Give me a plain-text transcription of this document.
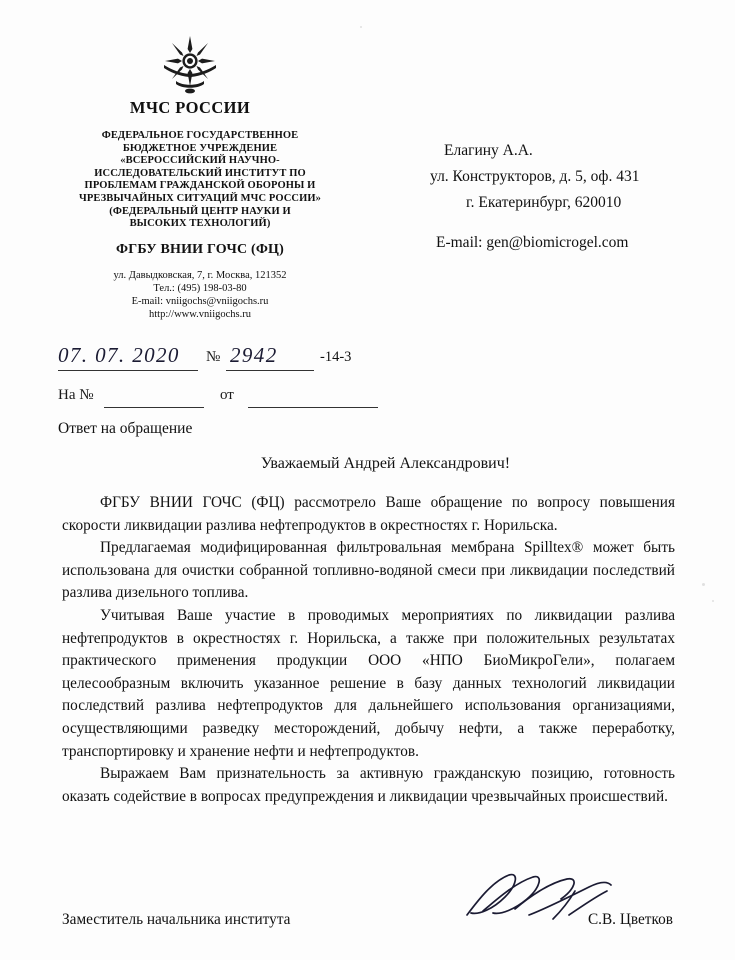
МЧС РОССИИ
ФЕДЕРАЛЬНОЕ ГОСУДАРСТВЕННОЕ
БЮДЖЕТНОЕ УЧРЕЖДЕНИЕ
«ВСЕРОССИЙСКИЙ НАУЧНО-
ИССЛЕДОВАТЕЛЬСКИЙ ИНСТИТУТ ПО
ПРОБЛЕМАМ ГРАЖДАНСКОЙ ОБОРОНЫ И
ЧРЕЗВЫЧАЙНЫХ СИТУАЦИЙ МЧС РОССИИ»
(ФЕДЕРАЛЬНЫЙ ЦЕНТР НАУКИ И
ВЫСОКИХ ТЕХНОЛОГИЙ)
ФГБУ ВНИИ ГОЧС (ФЦ)
ул. Давыдковская, 7, г. Москва, 121352
Тел.: (495) 198-03-80
E-mail: vniigochs@vniigochs.ru
http://www.vniigochs.ru
Елагину А.А.
ул. Конструкторов, д. 5, оф. 431
г. Екатеринбург, 620010
E-mail: gen@biomicrogel.com
07. 07. 2020 № 2942	-14-3
На №	от
Ответ на обращение
Уважаемый Андрей Александрович!

ФГБУ ВНИИ ГОЧС (ФЦ) рассмотрело Ваше обращение по вопросу повышения скорости ликвидации разлива нефтепродуктов в окрестностях г. Норильска.

Предлагаемая модифицированная фильтровальная мембрана Spilltex® может быть использована для очистки собранной топливно-водяной смеси при ликвидации последствий разлива дизельного топлива.

Учитывая Ваше участие в проводимых мероприятиях по ликвидации разлива нефтепродуктов в окрестностях г. Норильска, а также при положительных результатах практического применения продукции ООО «НПО БиоМикроГели», полагаем целесообразным включить указанное решение в базу данных технологий ликвидации последствий разлива нефтепродуктов для дальнейшего использования организациями, осуществляющими разведку месторождений, добычу нефти, а также переработку, транспортировку и хранение нефти и нефтепродуктов.

Выражаем Вам признательность за активную гражданскую позицию, готовность оказать содействие в вопросах предупреждения и ликвидации чрезвычайных происшествий.

Заместитель начальника института	С.В. Цветков
